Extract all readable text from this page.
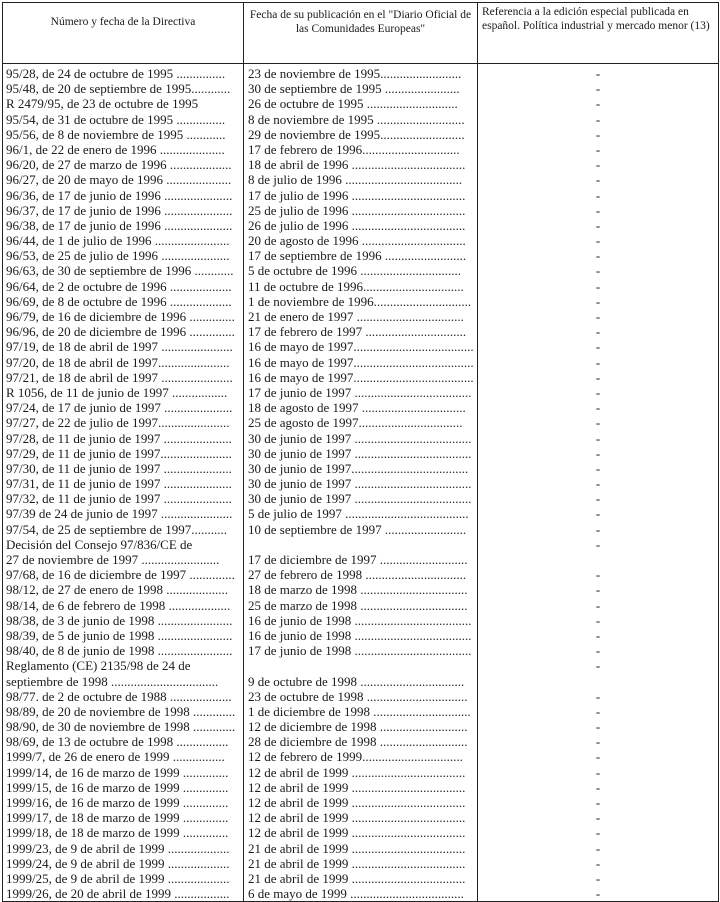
Número y fecha de la Directiva	Fecha de su publicación en el "Diario Oficial de las Comunidades Europeas"	Referencia a la edición especial publicada en español. Política industrial y mercado menor (13)

95/28, de 24 de octubre de 1995 ...............	23 de noviembre de 1995.........................	-

95/48, de 20 de septiembre de 1995............	30 de septiembre de 1995 .......................	-

R 2479/95, de 23 de octubre de 1995	26 de octubre de 1995 ............................	-

95/54, de 31 de octubre de 1995 ...............	8 de noviembre de 1995 ...........................	-

95/56, de 8 de noviembre de 1995 ............	29 de noviembre de 1995..........................	-

96/1, de 22 de enero de 1996 ....................	17 de febrero de 1996..............................	-

96/20, de 27 de marzo de 1996 ...................	18 de abril de 1996 ...................................	-

96/27, de 20 de mayo de 1996 ....................	8 de julio de 1996 ....................................	-

96/36, de 17 de junio de 1996 .....................	17 de julio de 1996 ...................................	-

96/37, de 17 de junio de 1996 .....................	25 de julio de 1996 ...................................	-

96/38, de 17 de junio de 1996 .....................	26 de julio de 1996 ...................................	-

96/44, de 1 de julio de 1996 .......................	20 de agosto de 1996 ................................	-

96/53, de 25 de julio de 1996 .....................	17 de septiembre de 1996 .........................	-

96/63, de 30 de septiembre de 1996 ............	5 de octubre de 1996 ...............................	-

96/64, de 2 de octubre de 1996 ...................	11 de octubre de 1996...............................	-

96/69, de 8 de octubre de 1996 ...................	1 de noviembre de 1996..............................	-

96/79, de 16 de diciembre de 1996 ..............	21 de enero de 1997 .................................	-

96/96, de 20 de diciembre de 1996 ..............	17 de febrero de 1997 ...............................	-

97/19, de 18 de abril de 1997 ......................	16 de mayo de 1997.....................................	-

97/20, de 18 de abril de 1997......................	16 de mayo de 1997.....................................	-

97/21, de 18 de abril de 1997 ......................	16 de mayo de 1997.....................................	-

R 1056, de 11 de junio de 1997 .................	17 de junio de 1997 ....................................	-

97/24, de 17 de junio de 1997 .....................	18 de agosto de 1997 ................................	-

97/27, de 22 de julio de 1997......................	25 de agosto de 1997................................	-

97/28, de 11 de junio de 1997 .....................	30 de junio de 1997 ....................................	-

97/29, de 11 de junio de 1997......................	30 de junio de 1997 ....................................	-

97/30, de 11 de junio de 1997 .....................	30 de junio de 1997....................................	-

97/31, de 11 de junio de 1997 .....................	30 de junio de 1997 ....................................	-

97/32, de 11 de junio de 1997 .....................	30 de junio de 1997 ....................................	-

97/39 de 24 de junio de 1997 ......................	5 de julio de 1997 ......................................	-

97/54, de 25 de septiembre de 1997...........	10 de septiembre de 1997 .........................	-

Decisión del Consejo 97/836/CE de
27 de noviembre de 1997 ........................	17 de diciembre de 1997 ...........................	-

97/68, de 16 de diciembre de 1997 ..............	27 de febrero de 1998 ...............................	-

98/12, de 27 de enero de 1998 ...................	18 de marzo de 1998 .................................	-

98/14, de 6 de febrero de 1998 ...................	25 de marzo de 1998 .................................	-

98/38, de 3 de junio de 1998 .......................	16 de junio de 1998 ....................................	-

98/39, de 5 de junio de 1998 .......................	16 de junio de 1998 ....................................	-

98/40, de 8 de junio de 1998 .......................	17 de junio de 1998 ....................................	-

Reglamento (CE) 2135/98 de 24 de
septiembre de 1998 .................................	9 de octubre de 1998 ................................	-

98/77. de 2 de octubre de 1988 ...................	23 de octubre de 1998 ...............................	-

98/89, de 20 de noviembre de 1998 .............	1 de diciembre de 1998 ..............................	-

98/90, de 30 de noviembre de 1998 .............	12 de diciembre de 1998 ...........................	-

98/69, de 13 de octubre de 1998 ................	28 de diciembre de 1998 ...........................	-

1999/7, de 26 de enero de 1999 ................	12 de febrero de 1999...............................	-

1999/14, de 16 de marzo de 1999 ..............	12 de abril de 1999 ...................................	-

1999/15, de 16 de marzo de 1999 ..............	12 de abril de 1999 ...................................	-

1999/16, de 16 de marzo de 1999 ..............	12 de abril de 1999 ...................................	-

1999/17, de 18 de marzo de 1999 ..............	12 de abril de 1999 ...................................	-

1999/18, de 18 de marzo de 1999 ..............	12 de abril de 1999 ...................................	-

1999/23, de 9 de abril de 1999 ...................	21 de abril de 1999 ...................................	-

1999/24, de 9 de abril de 1999 ...................	21 de abril de 1999 ...................................	-

1999/25, de 9 de abril de 1999 ...................	21 de abril de 1999 ...................................	-

1999/26, de 20 de abril de 1999 .................	6 de mayo de 1999 ...................................	-
